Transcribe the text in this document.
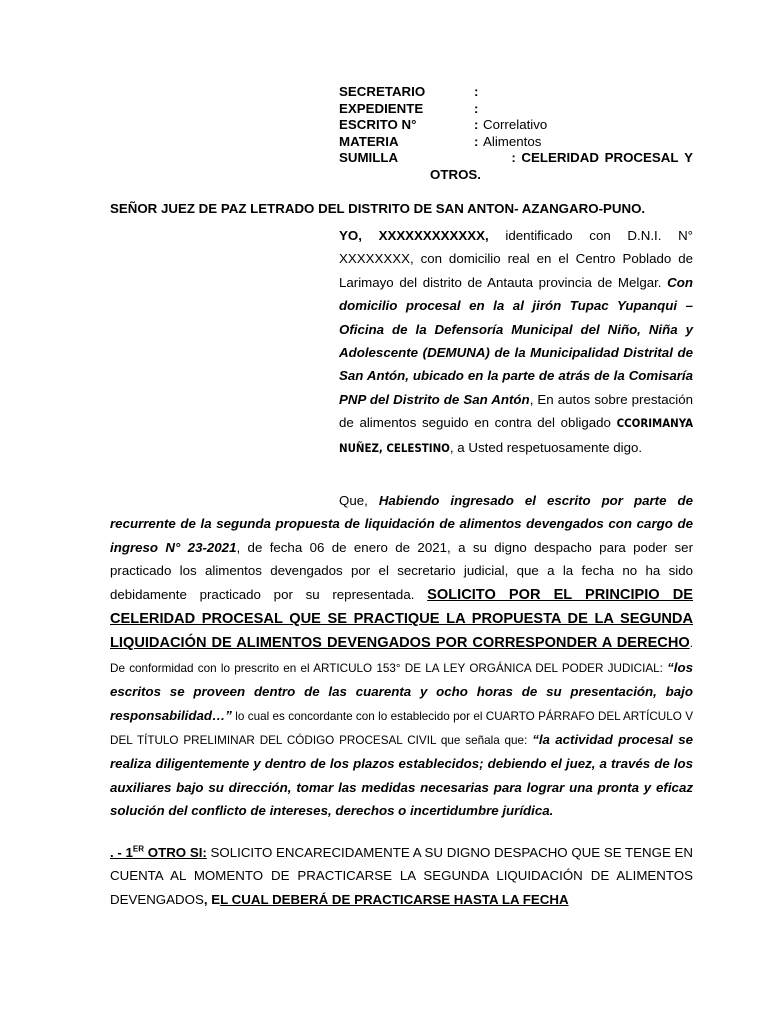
SECRETARIO	:
EXPEDIENTE	:
ESCRITO N°	: Correlativo
MATERIA	: Alimentos
SUMILLA	: CELERIDAD PROCESAL Y
OTROS.
SEÑOR JUEZ DE PAZ LETRADO DEL DISTRITO DE SAN ANTON- AZANGARO-PUNO.

YO, XXXXXXXXXXXX, identificado con D.N.I. N° XXXXXXXX, con domicilio real en el Centro Poblado de Larimayo del distrito de Antauta provincia de Melgar. Con domicilio procesal en la al jirón Tupac Yupanqui – Oficina de la Defensoría Municipal del Niño, Niña y Adolescente (DEMUNA) de la Municipalidad Distrital de San Antón, ubicado en la parte de atrás de la Comisaría PNP del Distrito de San Antón, En autos sobre prestación de alimentos seguido en contra del obligado CCORIMANYA NUÑEZ, CELESTINO, a Usted respetuosamente digo.

Que, Habiendo ingresado el escrito por parte de recurrente de la segunda propuesta de liquidación de alimentos devengados con cargo de ingreso N° 23-2021, de fecha 06 de enero de 2021, a su digno despacho para poder ser practicado los alimentos devengados por el secretario judicial, que a la fecha no ha sido debidamente practicado por su representada. SOLICITO POR EL PRINCIPIO DE CELERIDAD PROCESAL QUE SE PRACTIQUE LA PROPUESTA DE LA SEGUNDA LIQUIDACIÓN DE ALIMENTOS DEVENGADOS POR CORRESPONDER A DERECHO. De conformidad con lo prescrito en el ARTICULO 153° DE LA LEY ORGÁNICA DEL PODER JUDICIAL: “los escritos se proveen dentro de las cuarenta y ocho horas de su presentación, bajo responsabilidad…” lo cual es concordante con lo establecido por el CUARTO PÁRRAFO DEL ARTÍCULO V DEL TÍTULO PRELIMINAR DEL CÓDIGO PROCESAL CIVIL que señala que: “la actividad procesal se realiza diligentemente y dentro de los plazos establecidos; debiendo el juez, a través de los auxiliares bajo su dirección, tomar las medidas necesarias para lograr una pronta y eficaz solución del conflicto de intereses, derechos o incertidumbre jurídica.

. - 1ER OTRO SI: SOLICITO ENCARECIDAMENTE A SU DIGNO DESPACHO QUE SE TENGE EN CUENTA AL MOMENTO DE PRACTICARSE LA SEGUNDA LIQUIDACIÓN DE ALIMENTOS DEVENGADOS, EL CUAL DEBERÁ DE PRACTICARSE HASTA LA FECHA
